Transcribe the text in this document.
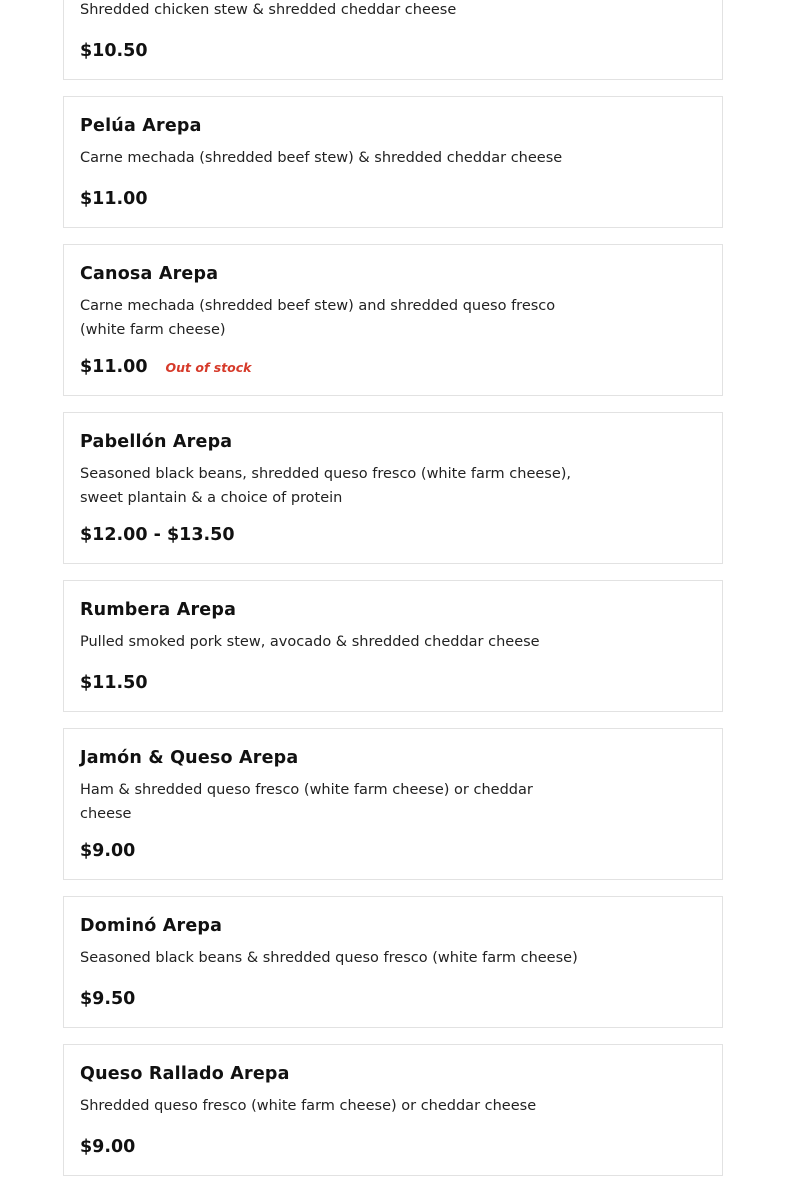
Shredded chicken stew & shredded cheddar cheese
$10.50
Pelúa Arepa
Carne mechada (shredded beef stew) & shredded cheddar cheese
$11.00
Canosa Arepa
Carne mechada (shredded beef stew) and shredded queso fresco (white farm cheese)
$11.00 Out of stock
Pabellón Arepa
Seasoned black beans, shredded queso fresco (white farm cheese), sweet plantain & a choice of protein
$12.00 - $13.50
Rumbera Arepa
Pulled smoked pork stew, avocado & shredded cheddar cheese
$11.50
Jamón & Queso Arepa
Ham & shredded queso fresco (white farm cheese) or cheddar cheese
$9.00
Dominó Arepa
Seasoned black beans & shredded queso fresco (white farm cheese)
$9.50
Queso Rallado Arepa
Shredded queso fresco (white farm cheese) or cheddar cheese
$9.00
